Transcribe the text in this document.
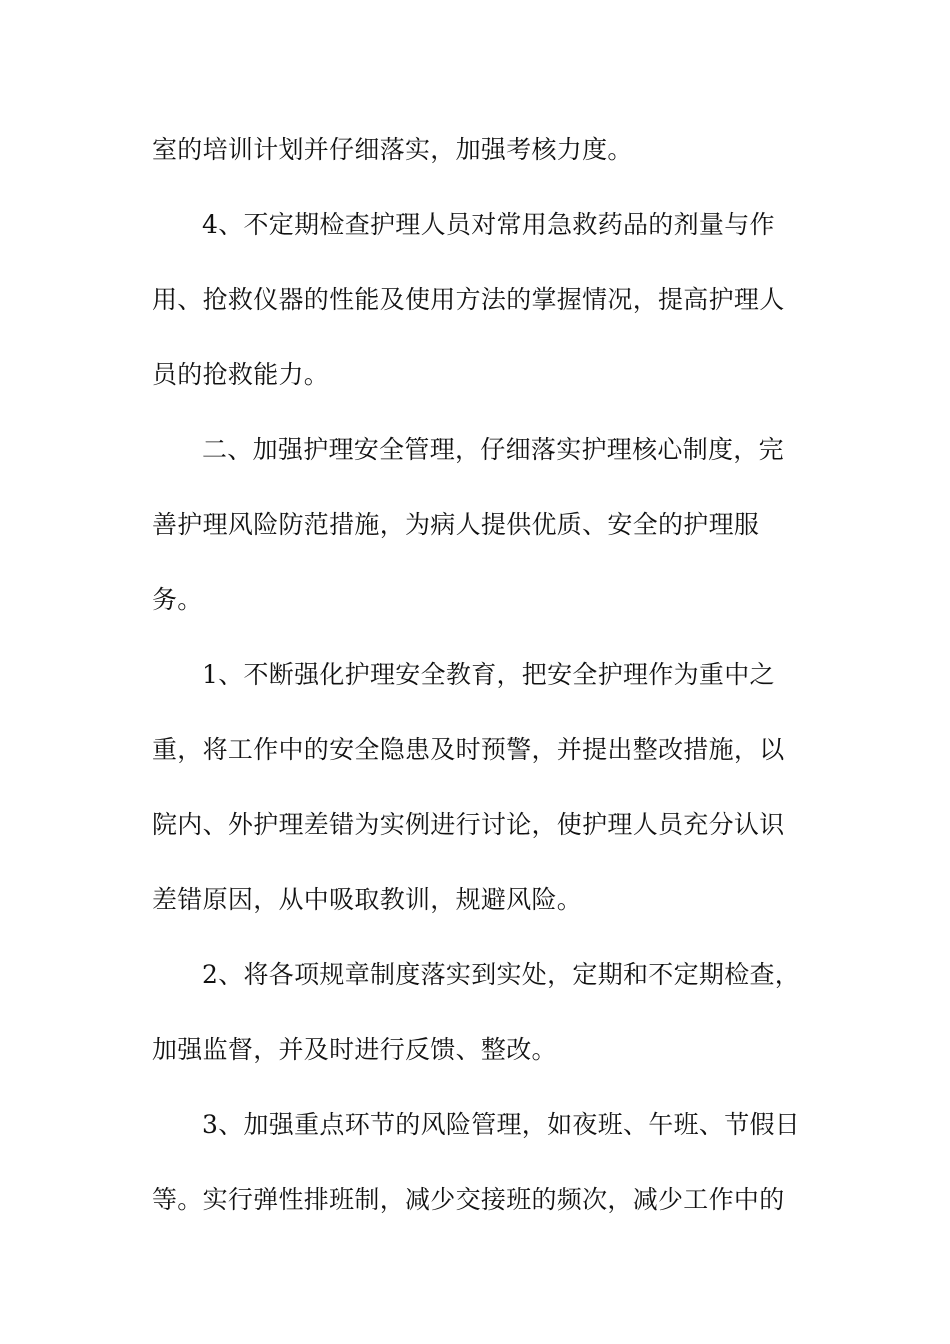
室的培训计划并仔细落实，加强考核力度。
4、不定期检查护理人员对常用急救药品的剂量与作
用、抢救仪器的性能及使用方法的掌握情况，提高护理人
员的抢救能力。
二、加强护理安全管理，仔细落实护理核心制度，完
善护理风险防范措施，为病人提供优质、安全的护理服
务。
1、不断强化护理安全教育，把安全护理作为重中之
重，将工作中的安全隐患及时预警，并提出整改措施，以
院内、外护理差错为实例进行讨论，使护理人员充分认识
差错原因，从中吸取教训，规避风险。
2、将各项规章制度落实到实处，定期和不定期检查，
加强监督，并及时进行反馈、整改。
3、加强重点环节的风险管理，如夜班、午班、节假日
等。实行弹性排班制，减少交接班的频次，减少工作中的
